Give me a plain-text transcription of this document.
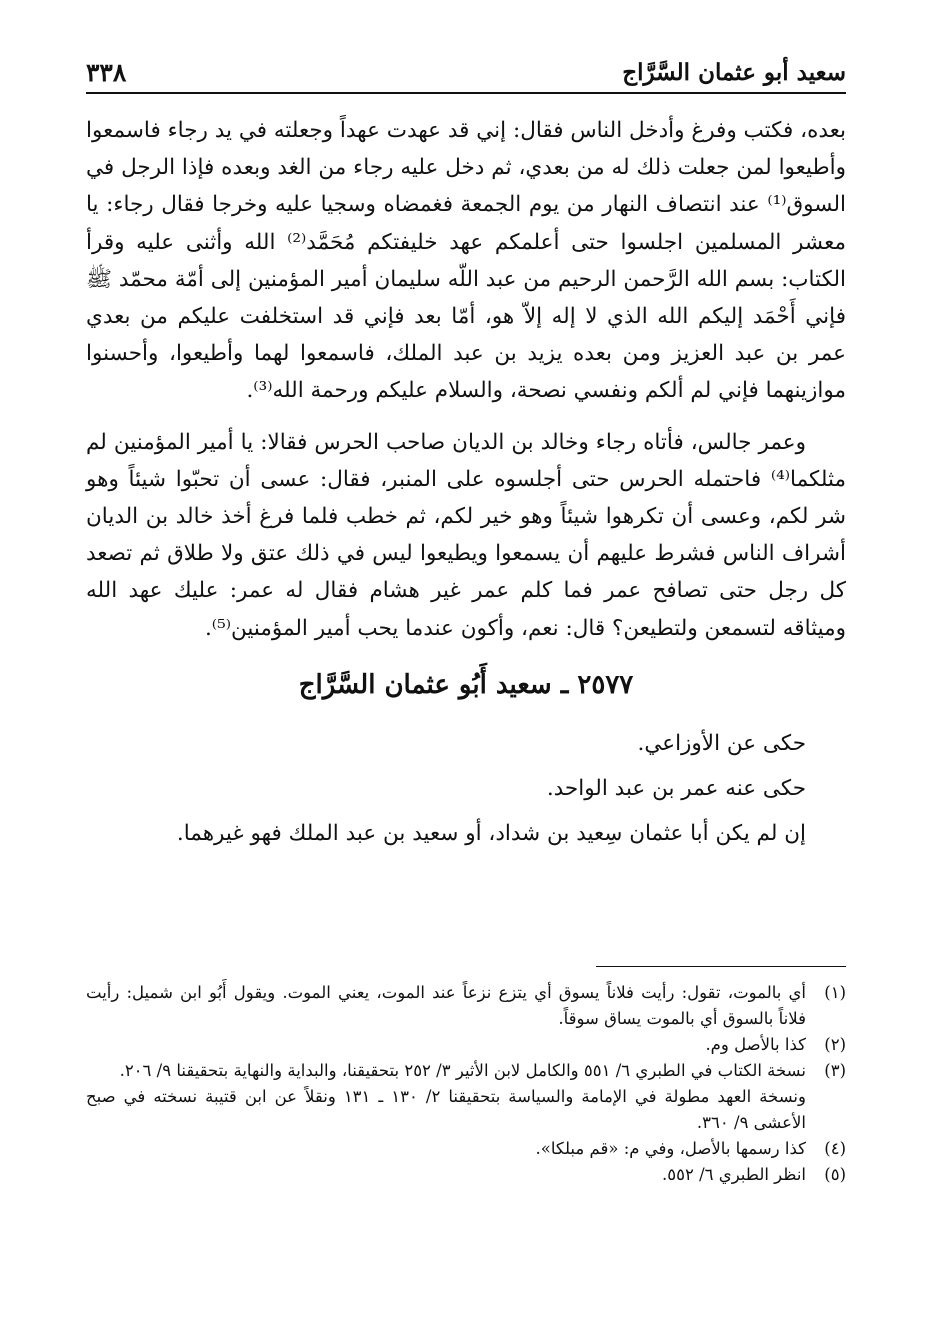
سعيد أبو عثمان السَّرَّاج
٣٣٨

بعده، فكتب وفرغ وأدخل الناس فقال: إني قد عهدت عهداً وجعلته في يد رجاء فاسمعوا وأطيعوا لمن جعلت ذلك له من بعدي، ثم دخل عليه رجاء من الغد وبعده فإذا الرجل في السوق⁽¹⁾ عند انتصاف النهار من يوم الجمعة فغمضاه وسجيا عليه وخرجا فقال رجاء: يا معشر المسلمين اجلسوا حتى أعلمكم عهد خليفتكم مُحَمَّد⁽²⁾ الله وأثنى عليه وقرأ الكتاب: بسم الله الرَّحمن الرحيم من عبد اللّه سليمان أمير المؤمنين إلى أمّة محمّد ﷺ فإني أَحْمَد إليكم الله الذي لا إله إلاّ هو، أمّا بعد فإني قد استخلفت عليكم من بعدي عمر بن عبد العزيز ومن بعده يزيد بن عبد الملك، فاسمعوا لهما وأطيعوا، وأحسنوا موازينهما فإني لم ألكم ونفسي نصحة، والسلام عليكم ورحمة الله⁽³⁾.

وعمر جالس، فأتاه رجاء وخالد بن الديان صاحب الحرس فقالا: يا أمير المؤمنين لم مثلكما⁽⁴⁾ فاحتمله الحرس حتى أجلسوه على المنبر، فقال: عسى أن تحبّوا شيئاً وهو شر لكم، وعسى أن تكرهوا شيئاً وهو خير لكم، ثم خطب فلما فرغ أخذ خالد بن الديان أشراف الناس فشرط عليهم أن يسمعوا ويطيعوا ليس في ذلك عتق ولا طلاق ثم تصعد كل رجل حتى تصافح عمر فما كلم عمر غير هشام فقال له عمر: عليك عهد الله وميثاقه لتسمعن ولتطيعن؟ قال: نعم، وأكون عندما يحب أمير المؤمنين⁽⁵⁾.

٢٥٧٧ ـ سعيد أَبُو عثمان السَّرَّاج

حكى عن الأوزاعي.

حكى عنه عمر بن عبد الواحد.

إن لم يكن أبا عثمان سِعيد بن شداد، أو سعيد بن عبد الملك فهو غيرهما.

(١)
أي بالموت، تقول: رأيت فلاناً يسوق أي يتزع نزعاً عند الموت، يعني الموت. ويقول أَبُو ابن شميل: رأيت فلاناً بالسوق أي بالموت يساق سوقاً.
(٢)
كذا بالأصل وم.
(٣)
نسخة الكتاب في الطبري ٦/ ٥٥١ والكامل لابن الأثير ٣/ ٢٥٢ بتحقيقنا، والبداية والنهاية بتحقيقنا ٩/ ٢٠٦.
ونسخة العهد مطولة في الإمامة والسياسة بتحقيقنا ٢/ ١٣٠ ـ ١٣١ ونقلاً عن ابن قتيبة نسخته في صبح الأعشى ٩/ ٣٦٠.
(٤)
كذا رسمها بالأصل، وفي م: «قم مبلكا».
(٥)
انظر الطبري ٦/ ٥٥٢.
